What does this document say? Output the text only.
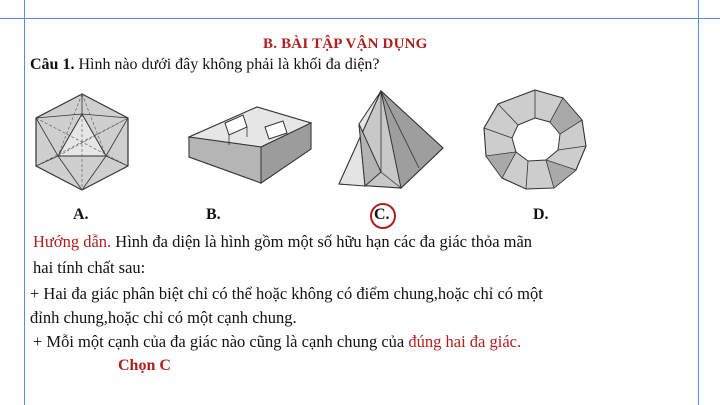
B. BÀI TẬP VẬN DỤNG
Câu 1. Hình nào dưới đây không phải là khối đa diện?
A.	B.	C.	D.
Hướng dẫn. Hình đa diện là hình gồm một số hữu hạn các đa giác thỏa mãn
hai tính chất sau:
+ Hai đa giác phân biệt chỉ có thể hoặc không có điểm chung,hoặc chỉ có một
đỉnh chung,hoặc chỉ có một cạnh chung.
+ Mỗi một cạnh của đa giác nào cũng là cạnh chung của đúng hai đa giác.
Chọn C
